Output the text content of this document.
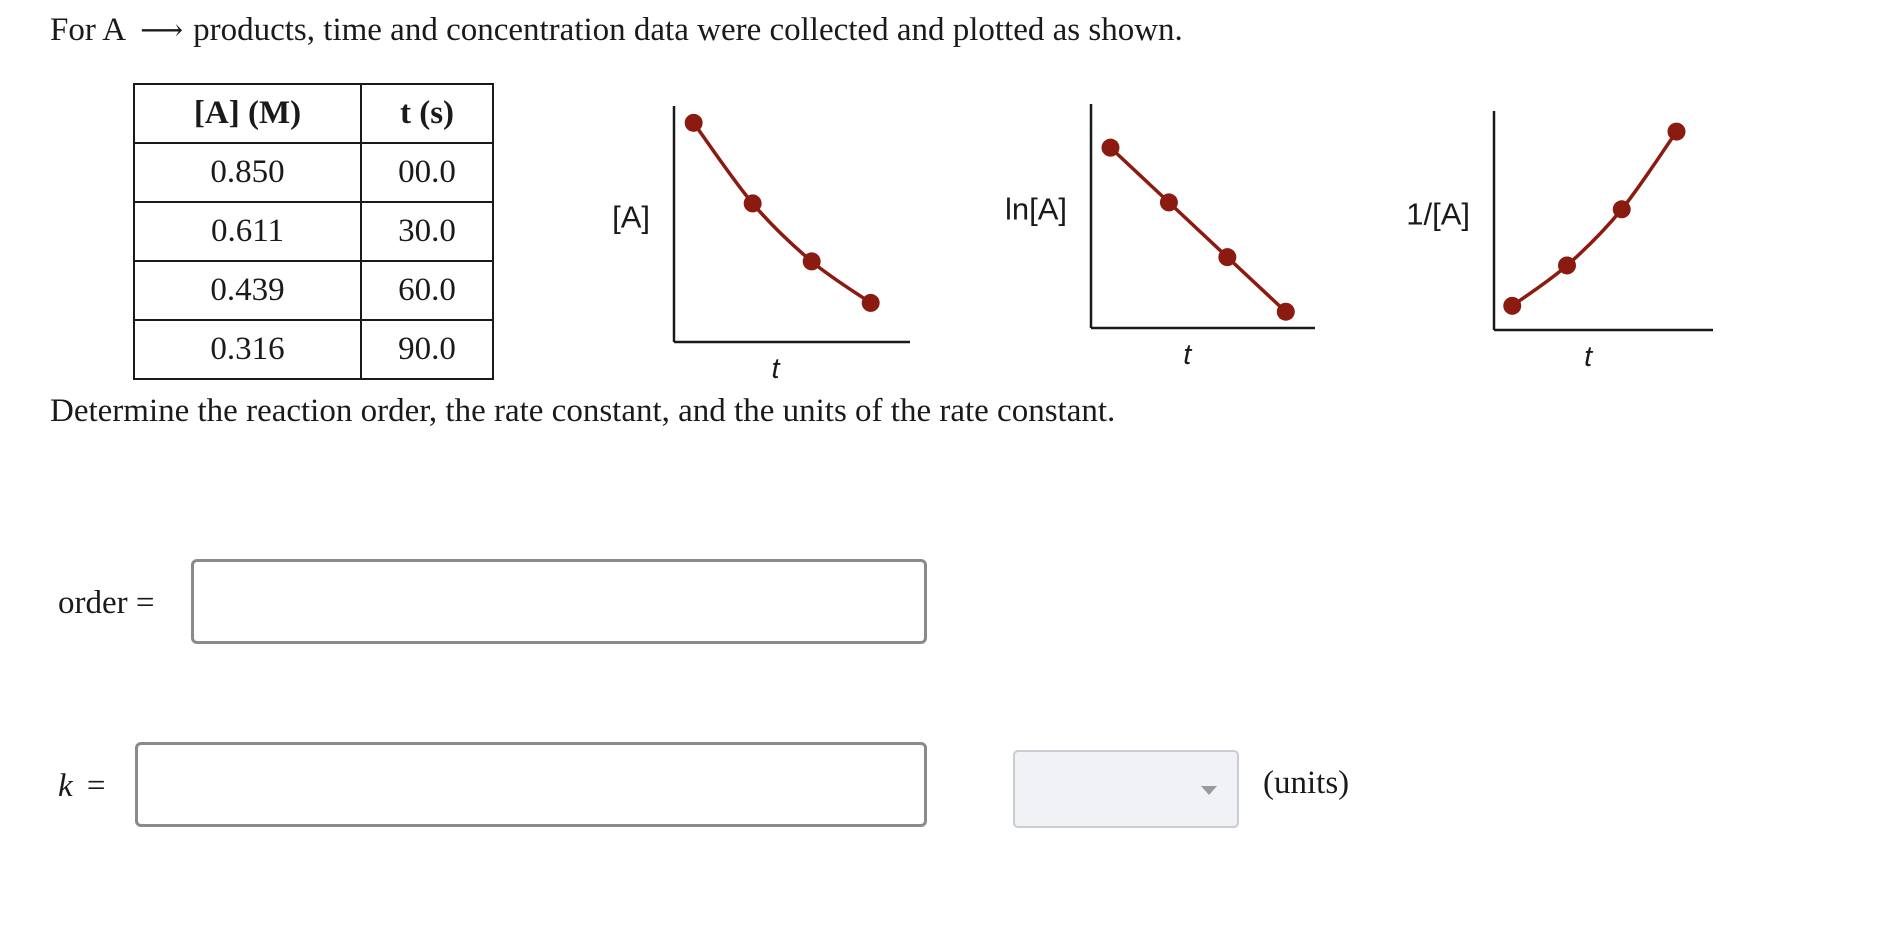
For A ⟶ products, time and concentration data were collected and plotted as shown.
[A] (M)	t (s)
0.850	00.0
0.611	30.0
0.439	60.0
0.316	90.0
[A]
t
ln[A]
t
1/[A]
t
Determine the reaction order, the rate constant, and the units of the rate constant.
order =
k =	(units)
